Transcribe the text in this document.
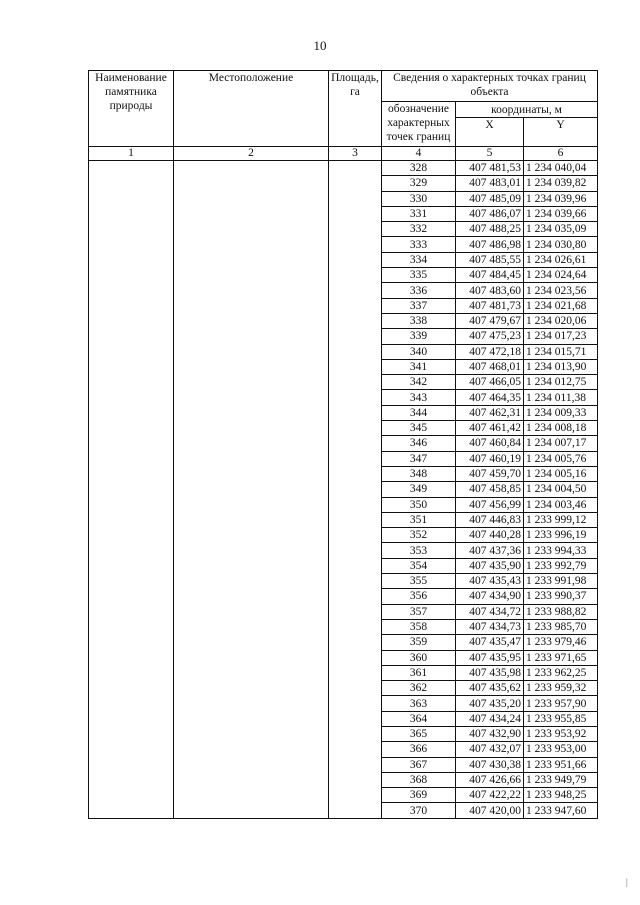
10
Наименование памятника природы	Местоположение	Площадь, га	Сведения о характерных точках границ объекта		
			обозначение характерных точек границ	координаты, м	
				X	Y
1	2	3	4	5	6
			328	407 481,53	1 234 040,04
			329	407 483,01	1 234 039,82
			330	407 485,09	1 234 039,96
			331	407 486,07	1 234 039,66
			332	407 488,25	1 234 035,09
			333	407 486,98	1 234 030,80
			334	407 485,55	1 234 026,61
			335	407 484,45	1 234 024,64
			336	407 483,60	1 234 023,56
			337	407 481,73	1 234 021,68
			338	407 479,67	1 234 020,06
			339	407 475,23	1 234 017,23
			340	407 472,18	1 234 015,71
			341	407 468,01	1 234 013,90
			342	407 466,05	1 234 012,75
			343	407 464,35	1 234 011,38
			344	407 462,31	1 234 009,33
			345	407 461,42	1 234 008,18
			346	407 460,84	1 234 007,17
			347	407 460,19	1 234 005,76
			348	407 459,70	1 234 005,16
			349	407 458,85	1 234 004,50
			350	407 456,99	1 234 003,46
			351	407 446,83	1 233 999,12
			352	407 440,28	1 233 996,19
			353	407 437,36	1 233 994,33
			354	407 435,90	1 233 992,79
			355	407 435,43	1 233 991,98
			356	407 434,90	1 233 990,37
			357	407 434,72	1 233 988,82
			358	407 434,73	1 233 985,70
			359	407 435,47	1 233 979,46
			360	407 435,95	1 233 971,65
			361	407 435,98	1 233 962,25
			362	407 435,62	1 233 959,32
			363	407 435,20	1 233 957,90
			364	407 434,24	1 233 955,85
			365	407 432,90	1 233 953,92
			366	407 432,07	1 233 953,00
			367	407 430,38	1 233 951,66
			368	407 426,66	1 233 949,79
			369	407 422,22	1 233 948,25
			370	407 420,00	1 233 947,60
|
